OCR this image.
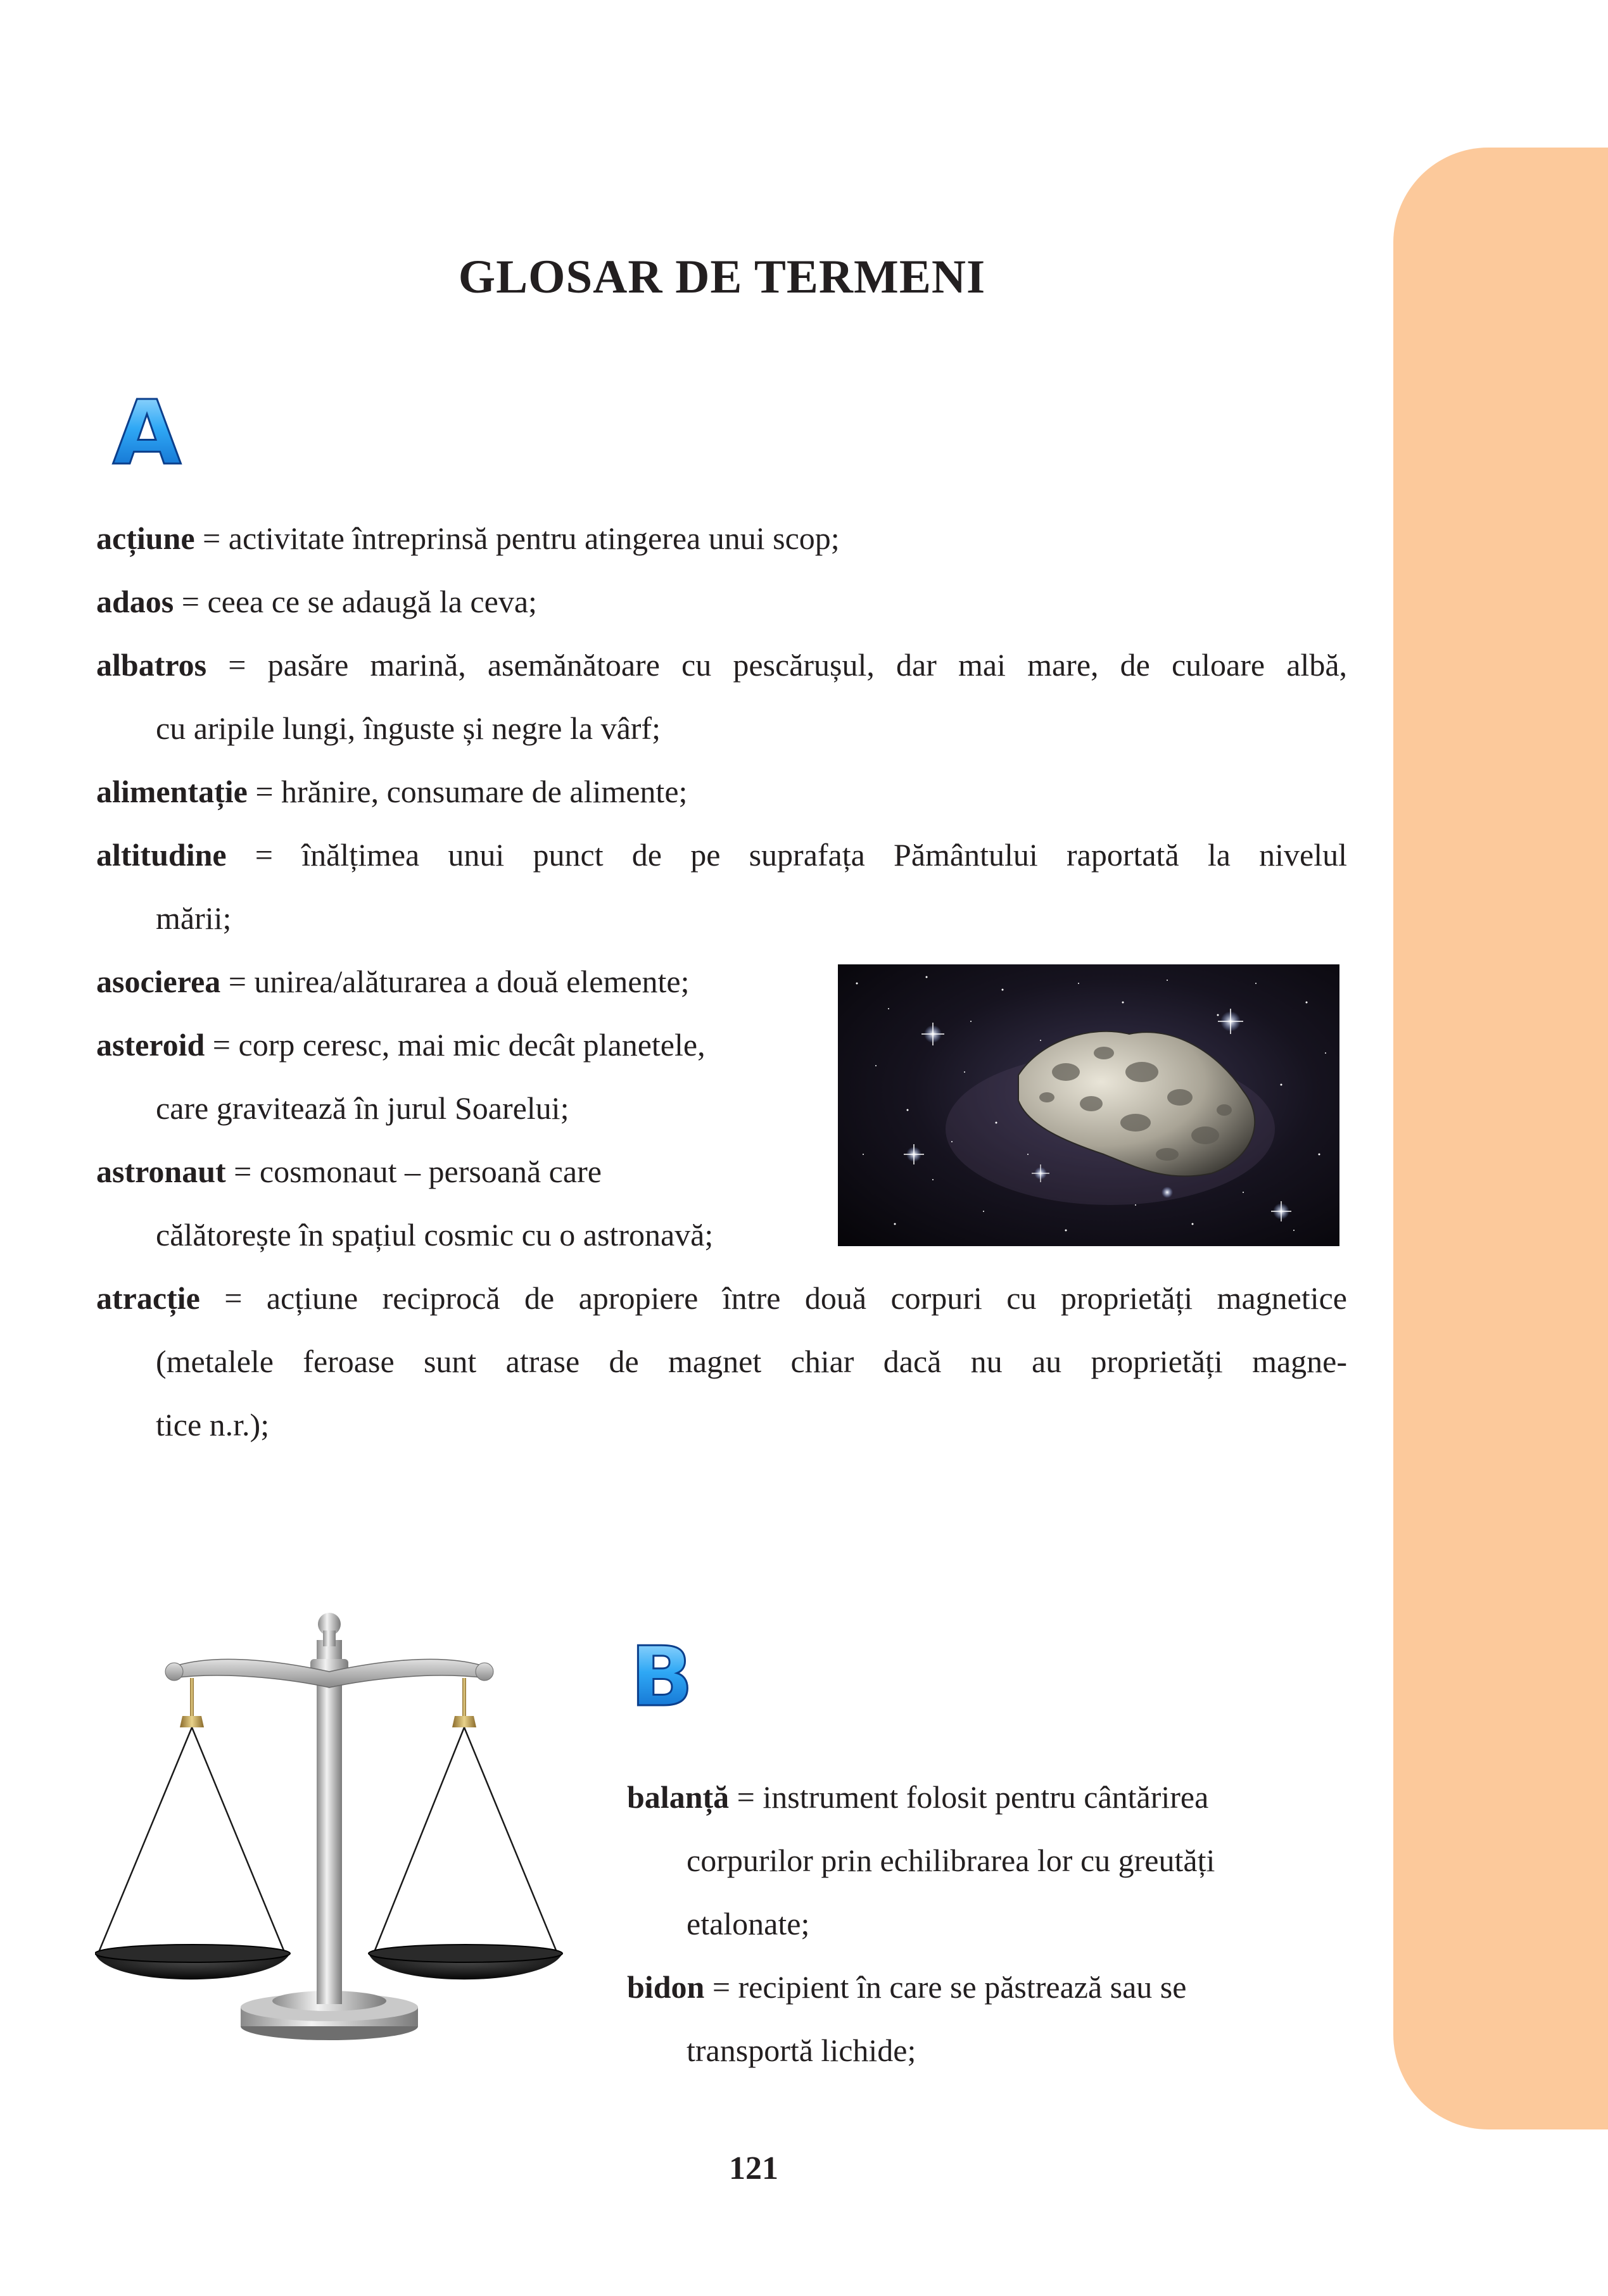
GLOSAR DE TERMENI
A
acțiune = activitate întreprinsă pentru atingerea unui scop;
adaos = ceea ce se adaugă la ceva;
albatros = pasăre marină, asemănătoare cu pescărușul, dar mai mare, de culoare albă,
cu aripile lungi, înguste și negre la vârf;
alimentație = hrănire, consumare de alimente;
altitudine = înălțimea unui punct de pe suprafața Pământului raportată la nivelul
mării;
asocierea = unirea/alăturarea a două elemente;
asteroid = corp ceresc, mai mic decât planetele,
care gravitează în jurul Soarelui;
astronaut = cosmonaut – persoană care
călătorește în spațiul cosmic cu o astronavă;
atracție = acțiune reciprocă de apropiere între două corpuri cu proprietăți magnetice
(metalele feroase sunt atrase de magnet chiar dacă nu au proprietăți magne-
tice n.r.);
B
balanță = instrument folosit pentru cântărirea
corpurilor prin echilibrarea lor cu greutăți
etalonate;
bidon = recipient în care se păstrează sau se
transportă lichide;
121
